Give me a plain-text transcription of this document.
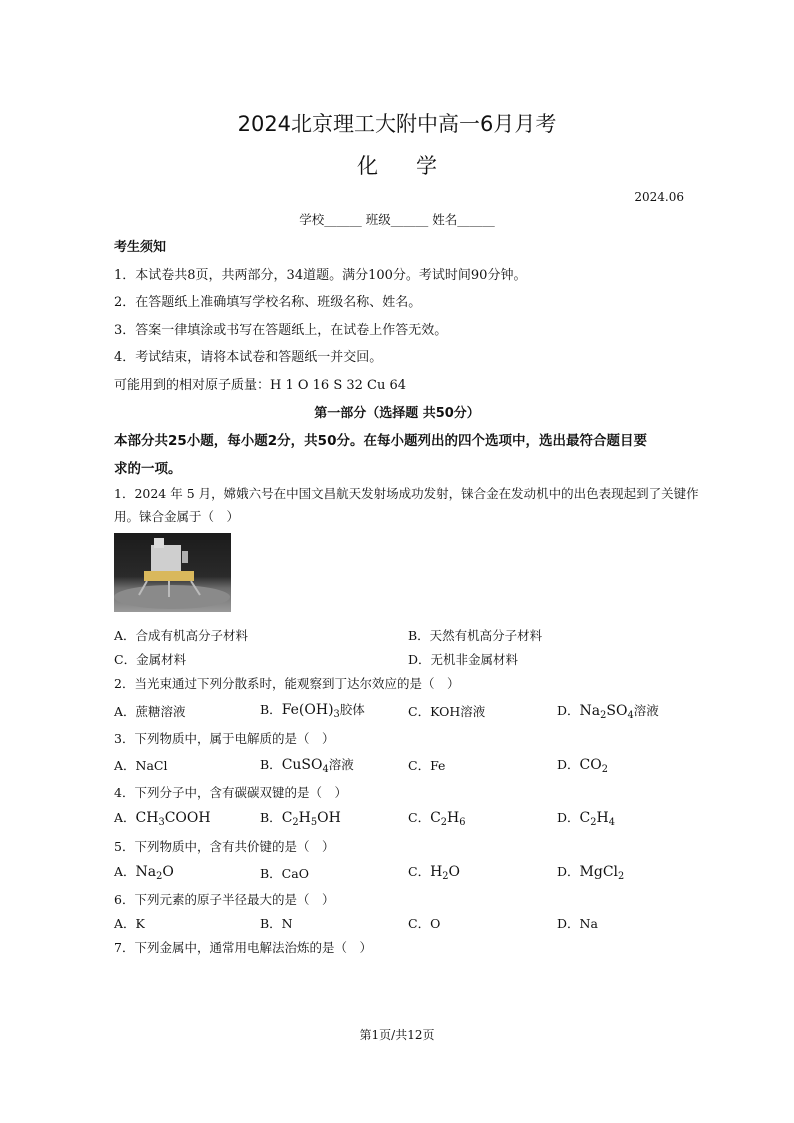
2024北京理工大附中高一6月月考
化学
2024.06
学校______ 班级______ 姓名______
考生须知
1．本试卷共8页，共两部分，34道题。满分100分。考试时间90分钟。
2．在答题纸上准确填写学校名称、班级名称、姓名。
3．答案一律填涂或书写在答题纸上，在试卷上作答无效。
4．考试结束，请将本试卷和答题纸一并交回。
可能用到的相对原子质量：H 1 O 16 S 32 Cu 64
第一部分（选择题 共50分）
本部分共25小题，每小题2分，共50分。在每小题列出的四个选项中，选出最符合题目要
求的一项。
1．2024 年 5 月，嫦娥六号在中国文昌航天发射场成功发射，铼合金在发动机中的出色表现起到了关键作
用。铼合金属于（　）
A．合成有机高分子材料	B．天然有机高分子材料
C．金属材料	D．无机非金属材料
2．当光束通过下列分散系时，能观察到丁达尔效应的是（　）
A．蔗糖溶液	B．$Fe(OH)_3$胶体	C．KOH溶液	D．$Na_2SO_4$溶液
3．下列物质中，属于电解质的是（　）
A．NaCl	B．CuSO$_4$溶液	C．Fe	D．$CO_2$
4．下列分子中，含有碳碳双键的是（　）
A．$CH_3COOH$	B．$C_2H_5OH$	C．$C_2H_6$	D．$C_2H_4$
5．下列物质中，含有共价键的是（　）
A．$Na_2O$	B．CaO	C．$H_2O$	D．MgCl$_2$
6．下列元素的原子半径最大的是（　）
A．K	B．N	C．O	D．Na
7．下列金属中，通常用电解法治炼的是（　）
第1页/共12页
